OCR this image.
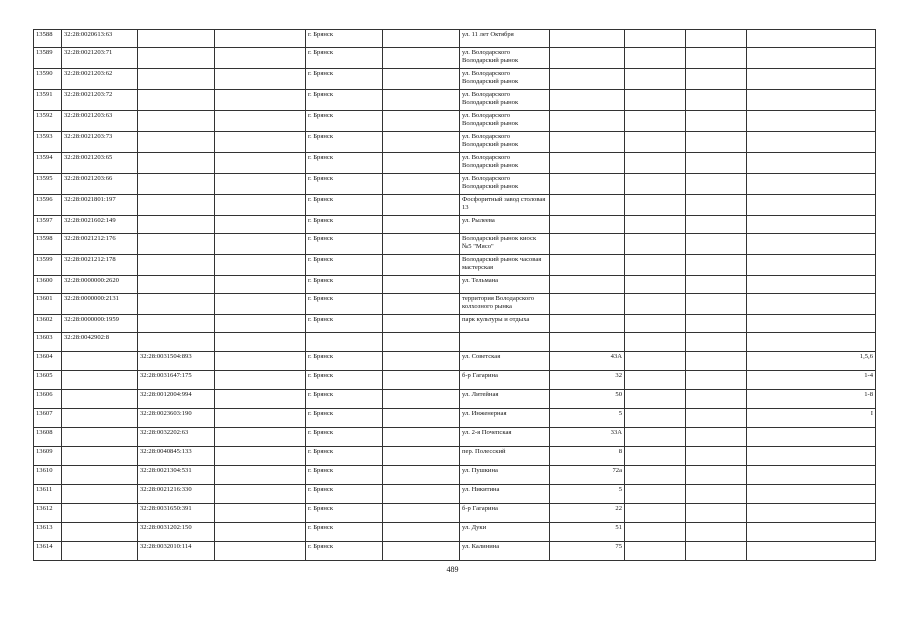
13588	32:28:0020613:63			г. Брянск		ул. 11 лет Октября				
13589	32:28:0021203:71			г. Брянск		ул. Володарского Володарский рынок				
13590	32:28:0021203:62			г. Брянск		ул. Володарского Володарский рынок				
13591	32:28:0021203:72			г. Брянск		ул. Володарского Володарский рынок				
13592	32:28:0021203:63			г. Брянск		ул. Володарского Володарский рынок				
13593	32:28:0021203:73			г. Брянск		ул. Володарского Володарский рынок				
13594	32:28:0021203:65			г. Брянск		ул. Володарского Володарский рынок				
13595	32:28:0021203:66			г. Брянск		ул. Володарского Володарский рынок				
13596	32:28:0021801:197			г. Брянск		Фосфоритный завод столовая 13				
13597	32:28:0021602:149			г. Брянск		ул. Рылеева				
13598	32:28:0021212:176			г. Брянск		Володарский рынок киоск №5 "Мясо"				
13599	32:28:0021212:178			г. Брянск		Володарский рынок часовая мастерская				
13600	32:28:0000000:2620			г. Брянск		ул. Тельмана				
13601	32:28:0000000:2131			г. Брянск		территория Володарского колхозного рынка				
13602	32:28:0000000:1959			г. Брянск		парк культуры и отдыха				
13603	32:28:0042902:8									
13604		32:28:0031504:893		г. Брянск		ул. Советская	43А			1,5,6
13605		32:28:0031647:175		г. Брянск		б-р Гагарина	32			1-4
13606		32:28:0012004:994		г. Брянск		ул. Литейная	50			1-8
13607		32:28:0023603:190		г. Брянск		ул. Инженерная	5			I
13608		32:28:0032202:63		г. Брянск		ул. 2-я Почепская	33А			
13609		32:28:0040845:133		г. Брянск		пер. Полесский	8			
13610		32:28:0021304:531		г. Брянск		ул. Пушкина	72а			
13611		32:28:0021216:330		г. Брянск		ул. Никитина	5			
13612		32:28:0031650:391		г. Брянск		б-р Гагарина	22			
13613		32:28:0031202:150		г. Брянск		ул. Дуки	51			
13614		32:28:0032010:114		г. Брянск		ул. Калинина	75			
489
